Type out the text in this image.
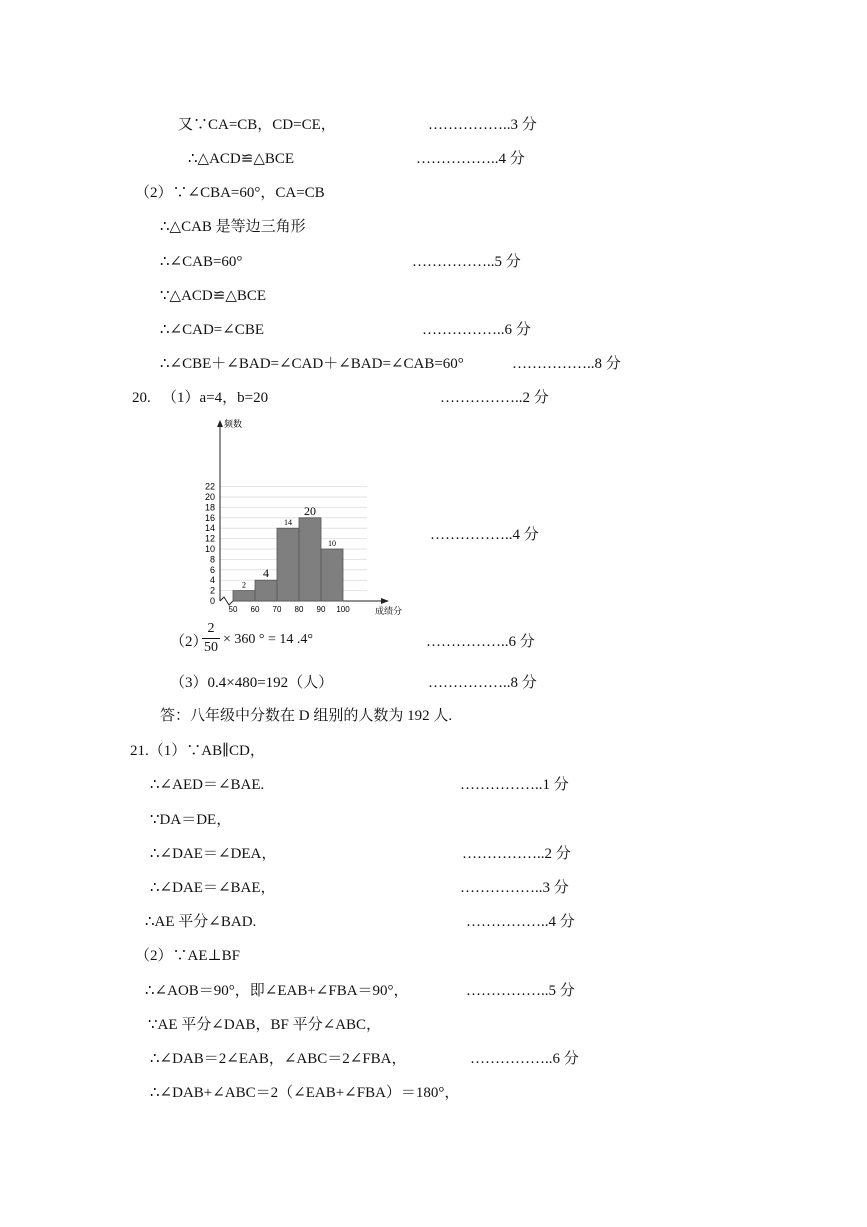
又∵CA=CB，CD=CE，	……………..3 分
∴△ACD≌△BCE	……………..4 分
（2）∵∠CBA=60°，CA=CB
∴△CAB 是等边三角形
∴∠CAB=60°	……………..5 分
∵△ACD≌△BCE
∴∠CAD=∠CBE	……………..6 分
∴∠CBE＋∠BAD=∠CAD＋∠BAD=∠CAB=60°	……………..8 分
20.   （1）a=4，b=20	……………..2 分
……………..4 分
（2）
2
50
× 360 ° = 14 .4°	……………..6 分
（3）0.4×480=192（人）	……………..8 分
答：八年级中分数在 D 组别的人数为 192 人.
21.（1）∵AB∥CD，
∴∠AED＝∠BAE.	……………..1 分
∵DA＝DE，
∴∠DAE＝∠DEA，	……………..2 分
∴∠DAE＝∠BAE，	……………..3 分
∴AE 平分∠BAD.	……………..4 分
（2）∵AE⊥BF
∴∠AOB＝90°，即∠EAB+∠FBA＝90°，	……………..5 分
∵AE 平分∠DAB，BF 平分∠ABC，
∴∠DAB＝2∠EAB，∠ABC＝2∠FBA，	……………..6 分
∴∠DAB+∠ABC＝2（∠EAB+∠FBA）＝180°，
0
2
4
6
8
10
12
14
16
18
20
22
频数
成绩分
50 60 70 80 90 100
2
4
14
20
10
